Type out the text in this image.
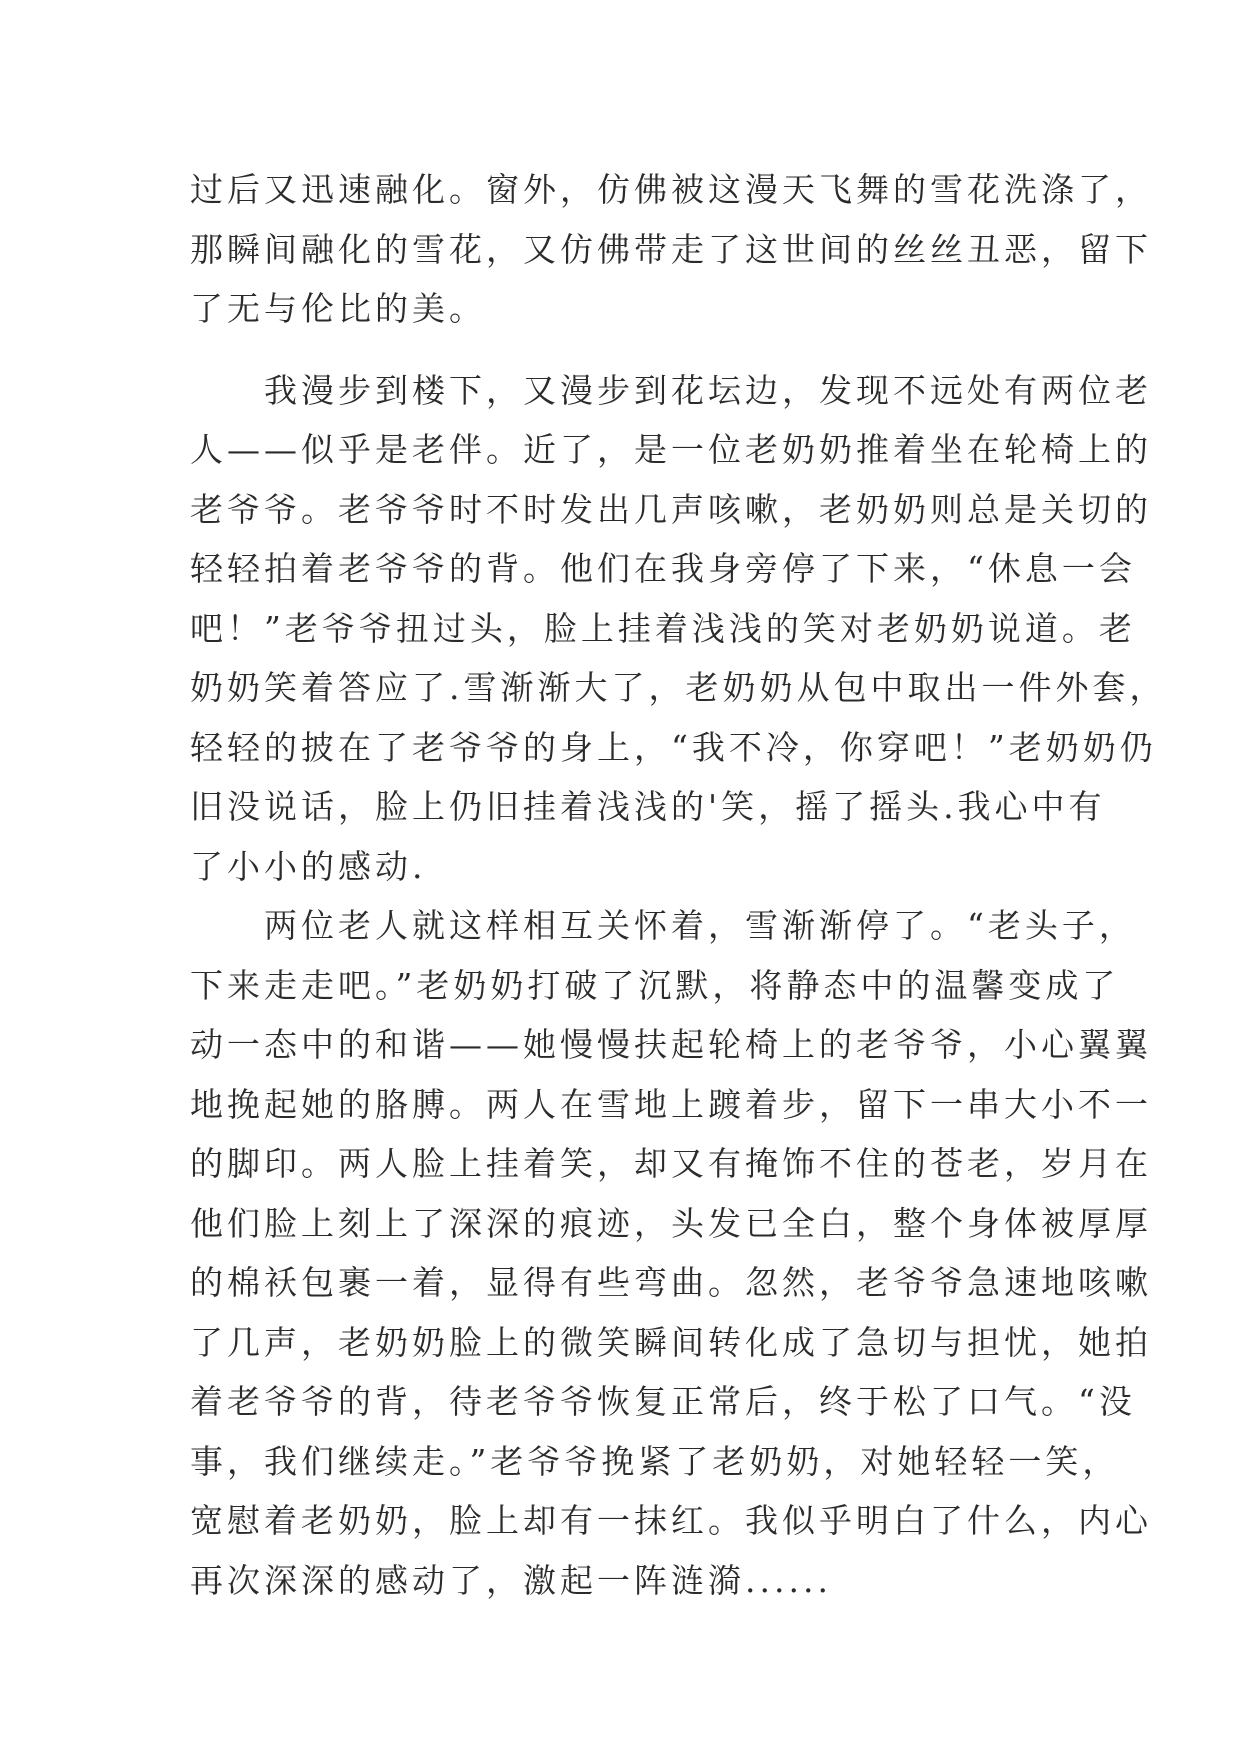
过后又迅速融化。窗外，仿佛被这漫天飞舞的雪花洗涤了，
那瞬间融化的雪花，又仿佛带走了这世间的丝丝丑恶，留下
了无与伦比的美。
　　我漫步到楼下，又漫步到花坛边，发现不远处有两位老
人——似乎是老伴。近了，是一位老奶奶推着坐在轮椅上的
老爷爷。老爷爷时不时发出几声咳嗽，老奶奶则总是关切的
轻轻拍着老爷爷的背。他们在我身旁停了下来，“休息一会
吧！”老爷爷扭过头，脸上挂着浅浅的笑对老奶奶说道。老
奶奶笑着答应了.雪渐渐大了，老奶奶从包中取出一件外套，
轻轻的披在了老爷爷的身上，“我不冷，你穿吧！”老奶奶仍
旧没说话，脸上仍旧挂着浅浅的'笑，摇了摇头.我心中有
了小小的感动.
　　两位老人就这样相互关怀着，雪渐渐停了。“老头子，
下来走走吧。”老奶奶打破了沉默，将静态中的温馨变成了
动一态中的和谐——她慢慢扶起轮椅上的老爷爷，小心翼翼
地挽起她的胳膊。两人在雪地上踱着步，留下一串大小不一
的脚印。两人脸上挂着笑，却又有掩饰不住的苍老，岁月在
他们脸上刻上了深深的痕迹，头发已全白，整个身体被厚厚
的棉袄包裹一着，显得有些弯曲。忽然，老爷爷急速地咳嗽
了几声，老奶奶脸上的微笑瞬间转化成了急切与担忧，她拍
着老爷爷的背，待老爷爷恢复正常后，终于松了口气。“没
事，我们继续走。”老爷爷挽紧了老奶奶，对她轻轻一笑，
宽慰着老奶奶，脸上却有一抹红。我似乎明白了什么，内心
再次深深的感动了，激起一阵涟漪......
